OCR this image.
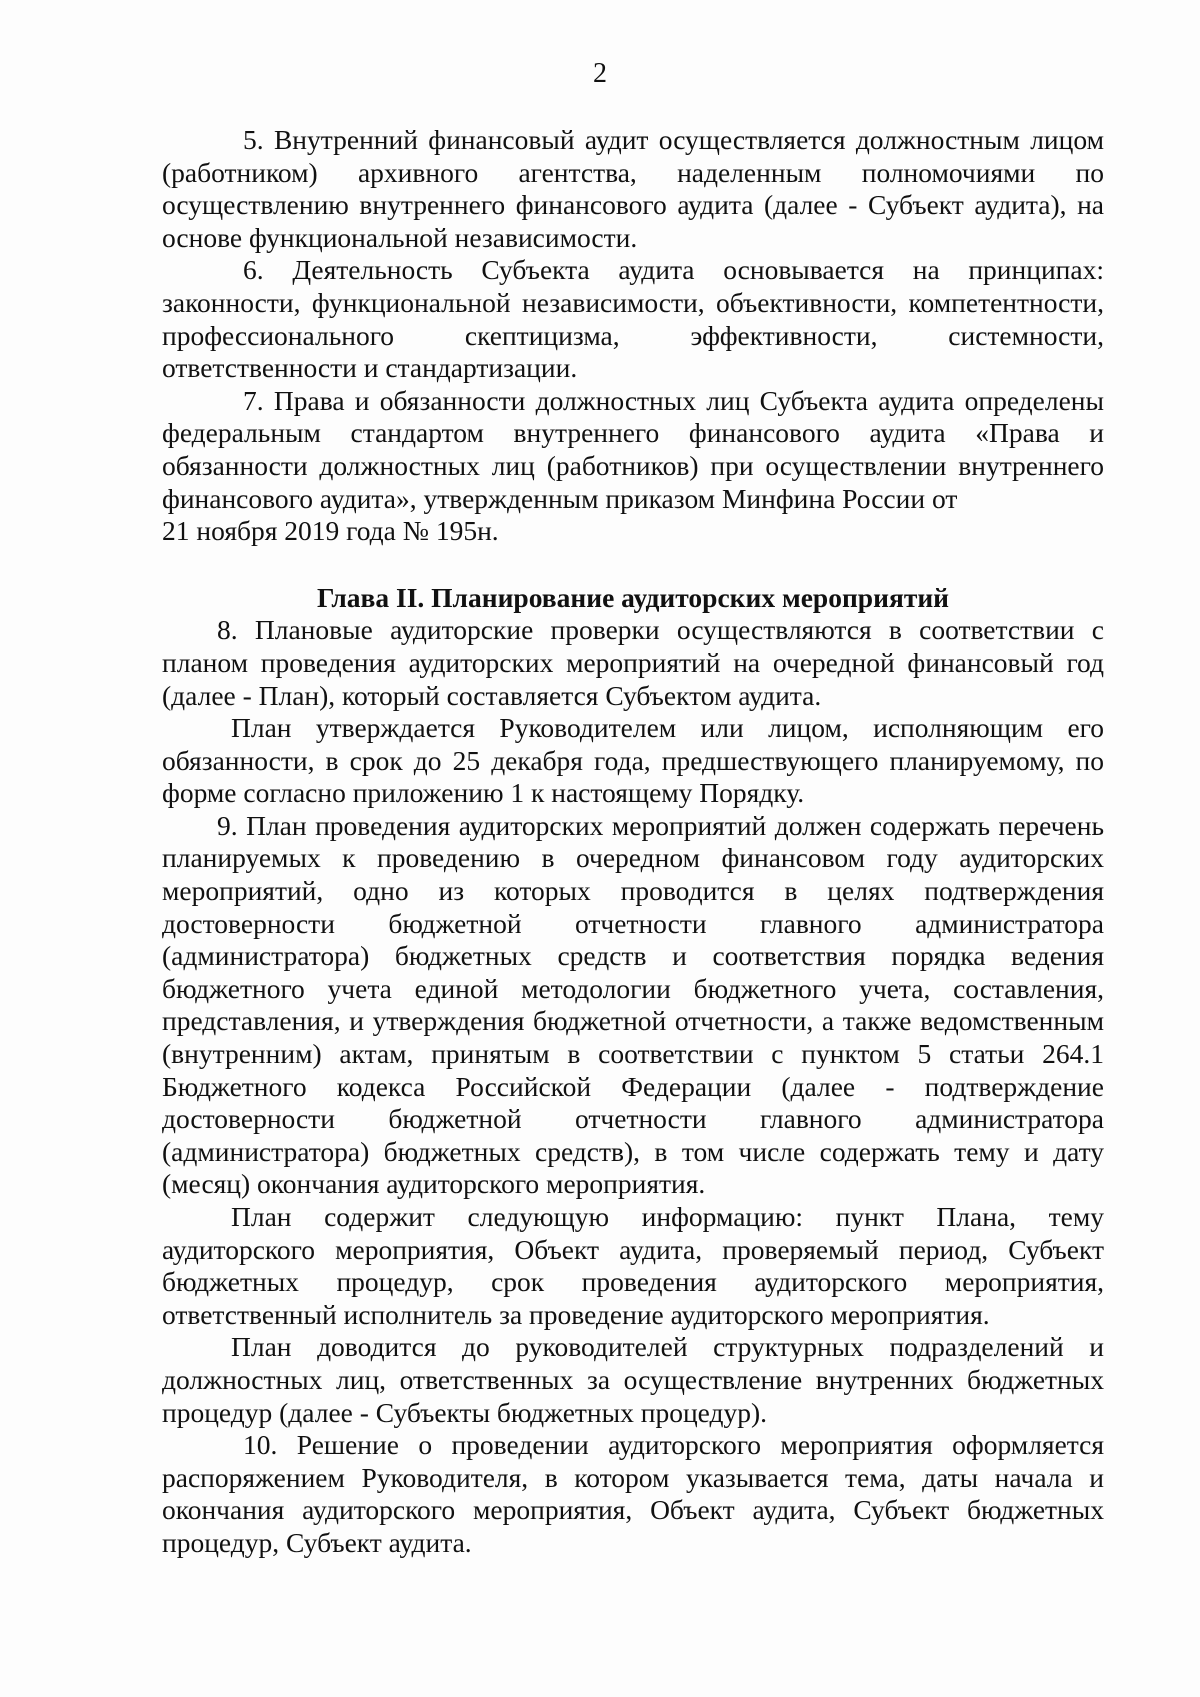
2

5. Внутренний финансовый аудит осуществляется должностным лицом (работником) архивного агентства, наделенным полномочиями по осуществлению внутреннего финансового аудита (далее - Субъект аудита), на основе функциональной независимости.

6. Деятельность Субъекта аудита основывается на принципах: законности, функциональной независимости, объективности, компетентности, профессионального скептицизма, эффективности, системности, ответственности и стандартизации.

7. Права и обязанности должностных лиц Субъекта аудита определены федеральным стандартом внутреннего финансового аудита «Права и обязанности должностных лиц (работников) при осуществлении внутреннего финансового аудита», утвержденным приказом Минфина России от

21 ноября 2019 года № 195н.

Глава II. Планирование аудиторских мероприятий

8. Плановые аудиторские проверки осуществляются в соответствии с планом проведения аудиторских мероприятий на очередной финансовый год (далее - План), который составляется Субъектом аудита.

План утверждается Руководителем или лицом, исполняющим его обязанности, в срок до 25 декабря года, предшествующего планируемому, по форме согласно приложению 1 к настоящему Порядку.

9. План проведения аудиторских мероприятий должен содержать перечень планируемых к проведению в очередном финансовом году аудиторских мероприятий, одно из которых проводится в целях подтверждения достоверности бюджетной отчетности главного администратора (администратора) бюджетных средств и соответствия порядка ведения бюджетного учета единой методологии бюджетного учета, составления, представления, и утверждения бюджетной отчетности, а также ведомственным (внутренним) актам, принятым в соответствии с пунктом 5 статьи 264.1 Бюджетного кодекса Российской Федерации (далее - подтверждение достоверности бюджетной отчетности главного администратора (администратора) бюджетных средств), в том числе содержать тему и дату (месяц) окончания аудиторского мероприятия.

План содержит следующую информацию: пункт Плана, тему аудиторского мероприятия, Объект аудита, проверяемый период, Субъект бюджетных процедур, срок проведения аудиторского мероприятия, ответственный исполнитель за проведение аудиторского мероприятия.

План доводится до руководителей структурных подразделений и должностных лиц, ответственных за осуществление внутренних бюджетных процедур (далее - Субъекты бюджетных процедур).

10. Решение о проведении аудиторского мероприятия оформляется распоряжением Руководителя, в котором указывается тема, даты начала и окончания аудиторского мероприятия, Объект аудита, Субъект бюджетных процедур, Субъект аудита.
